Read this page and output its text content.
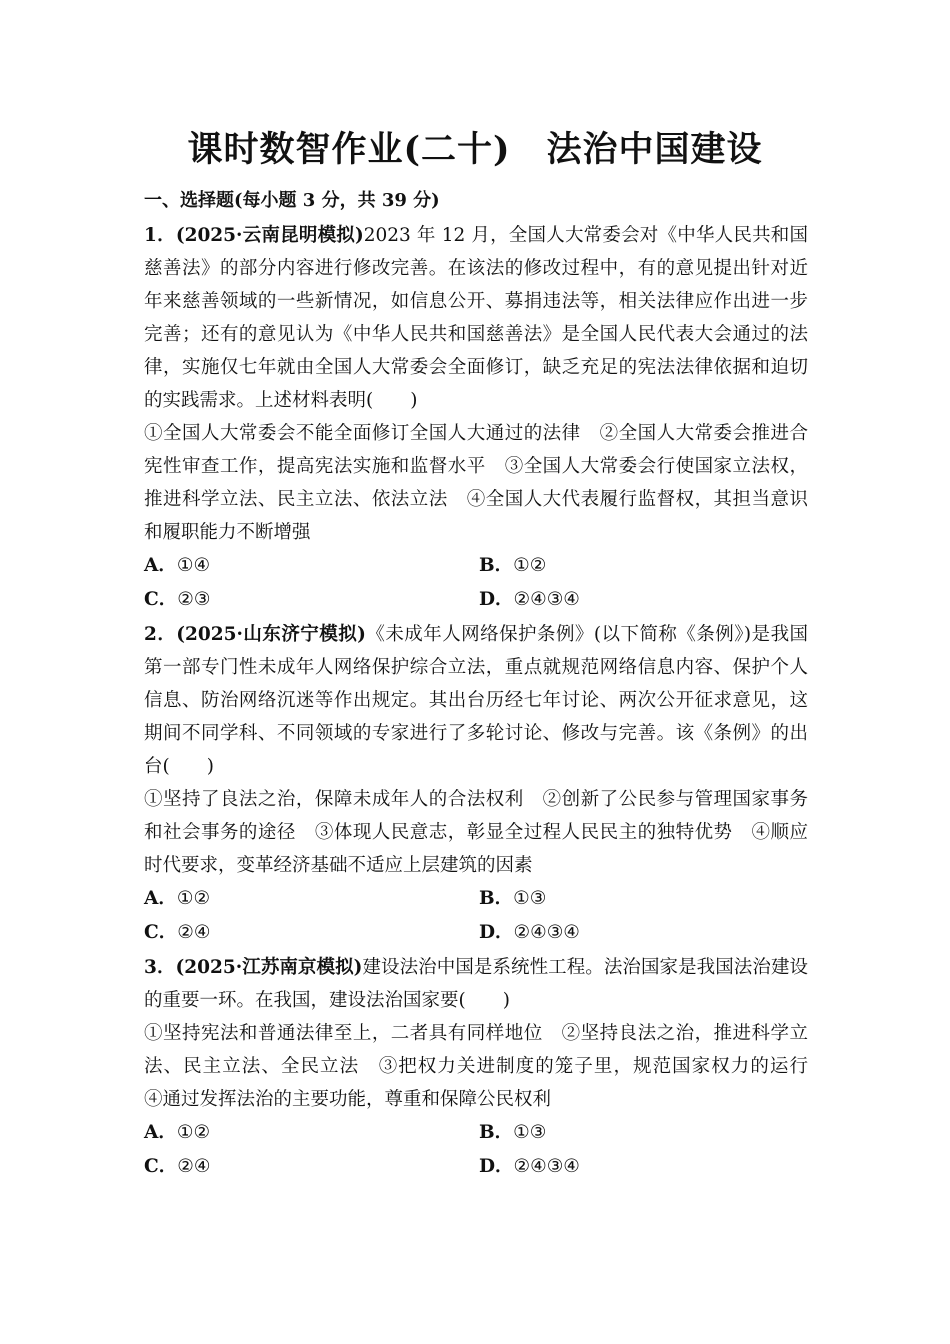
课时数智作业(二十)　法治中国建设
一、选择题(每小题 3 分，共 39 分)
1．(2025·云南昆明模拟)2023 年 12 月，全国人大常委会对《中华人民共和国慈善法》的部分内容进行修改完善。在该法的修改过程中，有的意见提出针对近年来慈善领域的一些新情况，如信息公开、募捐违法等，相关法律应作出进一步完善；还有的意见认为《中华人民共和国慈善法》是全国人民代表大会通过的法律，实施仅七年就由全国人大常委会全面修订，缺乏充足的宪法法律依据和迫切的实践需求。上述材料表明(　　)
①全国人大常委会不能全面修订全国人大通过的法律　②全国人大常委会推进合宪性审查工作，提高宪法实施和监督水平　③全国人大常委会行使国家立法权，推进科学立法、民主立法、依法立法　④全国人大代表履行监督权，其担当意识和履职能力不断增强
A．①④	B．①②
C．②③	D．②④③④
2．(2025·山东济宁模拟)《未成年人网络保护条例》(以下简称《条例》)是我国第一部专门性未成年人网络保护综合立法，重点就规范网络信息内容、保护个人信息、防治网络沉迷等作出规定。其出台历经七年讨论、两次公开征求意见，这期间不同学科、不同领域的专家进行了多轮讨论、修改与完善。该《条例》的出台(　　)
①坚持了良法之治，保障未成年人的合法权利　②创新了公民参与管理国家事务和社会事务的途径　③体现人民意志，彰显全过程人民民主的独特优势　④顺应时代要求，变革经济基础不适应上层建筑的因素
A．①②	B．①③
C．②④	D．②④③④
3．(2025·江苏南京模拟)建设法治中国是系统性工程。法治国家是我国法治建设的重要一环。在我国，建设法治国家要(　　)
①坚持宪法和普通法律至上，二者具有同样地位　②坚持良法之治，推进科学立法、民主立法、全民立法　③把权力关进制度的笼子里，规范国家权力的运行　④通过发挥法治的主要功能，尊重和保障公民权利
A．①②	B．①③
C．②④	D．②④③④
